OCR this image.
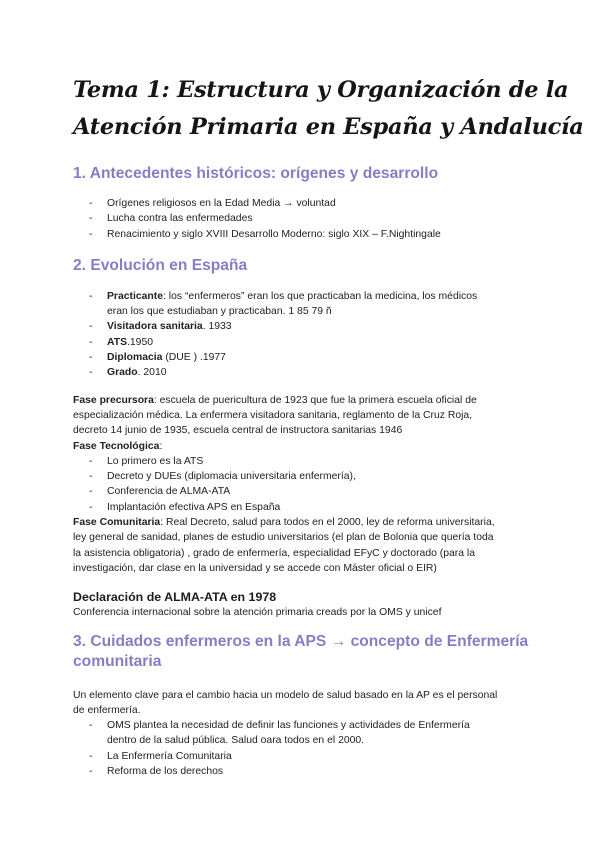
Tema 1: Estructura y Organización de la
Atención Primaria en España y Andalucía
1. Antecedentes históricos: orígenes y desarrollo
- Orígenes religiosos en la Edad Media → voluntad
- Lucha contra las enfermedades
- Renacimiento y siglo XVIII Desarrollo Moderno: siglo XIX – F.Nightingale
2. Evolución en España
- Practicante: los “enfermeros” eran los que practicaban la medicina, los médicos
eran los que estudiaban y practicaban. 1 85 79 ñ
- Visitadora sanitaria. 1933
- ATS.1950
- Diplomacia (DUE ) .1977
- Grado. 2010

Fase precursora: escuela de puericultura de 1923 que fue la primera escuela oficial de
especialización médica. La enfermera visitadora sanitaria, reglamento de la Cruz Roja,
decreto 14 junio de 1935, escuela central de instructora sanitarias 1946

Fase Tecnológica:

- Lo primero es la ATS
- Decreto y DUEs (diplomacia universitaria enfermería),
- Conferencia de ALMA-ATA
- Implantación efectiva APS en España

Fase Comunitaria: Real Decreto, salud para todos en el 2000, ley de reforma universitaria,
ley general de sanidad, planes de estudio universitarios (el plan de Bolonia que quería toda
la asistencia obligatoria) , grado de enfermería, especialidad EFyC y doctorado (para la
investigación, dar clase en la universidad y se accede con Máster oficial o EIR)

Declaración de ALMA-ATA en 1978

Conferencia internacional sobre la atención primaria creads por la OMS y unicef

3. Cuidados enfermeros en la APS → concepto de Enfermería
comunitaria

Un elemento clave para el cambio hacia un modelo de salud basado en la AP es el personal
de enfermería.

- OMS plantea la necesidad de definir las funciones y actividades de Enfermería
dentro de la salud pública. Salud oara todos en el 2000.
- La Enfermería Comunitaria
- Reforma de los derechos
